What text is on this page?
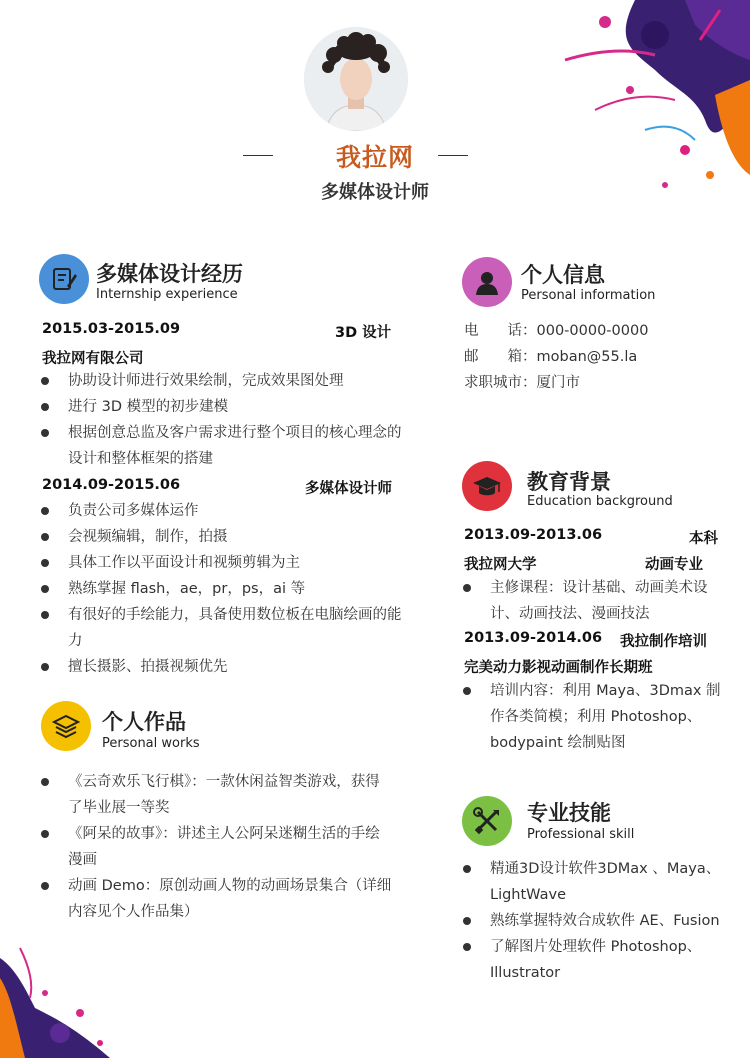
我拉网
多媒体设计师
多媒体设计经历
Internship experience
2015.03-2015.09	3D 设计
我拉网有限公司
协助设计师进行效果绘制，完成效果图处理
进行 3D 模型的初步建模
根据创意总监及客户需求进行整个项目的核心理念的设计和整体框架的搭建
2014.09-2015.06	多媒体设计师
负责公司多媒体运作
会视频编辑，制作，拍摄
具体工作以平面设计和视频剪辑为主
熟练掌握 flash，ae，pr，ps，ai 等
有很好的手绘能力，具备使用数位板在电脑绘画的能力
擅长摄影、拍摄视频优先
个人作品
Personal works
《云奇欢乐飞行棋》：一款休闲益智类游戏，获得了毕业展一等奖
《阿呆的故事》：讲述主人公阿呆迷糊生活的手绘漫画
动画 Demo：原创动画人物的动画场景集合（详细内容见个人作品集）
个人信息
Personal information
电　　话：000-0000-0000
邮　　箱：moban@55.la
求职城市：厦门市
教育背景
Education background
2013.09-2013.06	本科
我拉网大学	动画专业
主修课程：设计基础、动画美术设计、动画技法、漫画技法
2013.09-2014.06 我拉制作培训
完美动力影视动画制作长期班
培训内容：利用 Maya、3Dmax 制作各类简模；利用 Photoshop、bodypaint 绘制贴图
专业技能
Professional skill
精通3D设计软件3DMax 、Maya、LightWave
熟练掌握特效合成软件 AE、Fusion
了解图片处理软件 Photoshop、Illustrator
